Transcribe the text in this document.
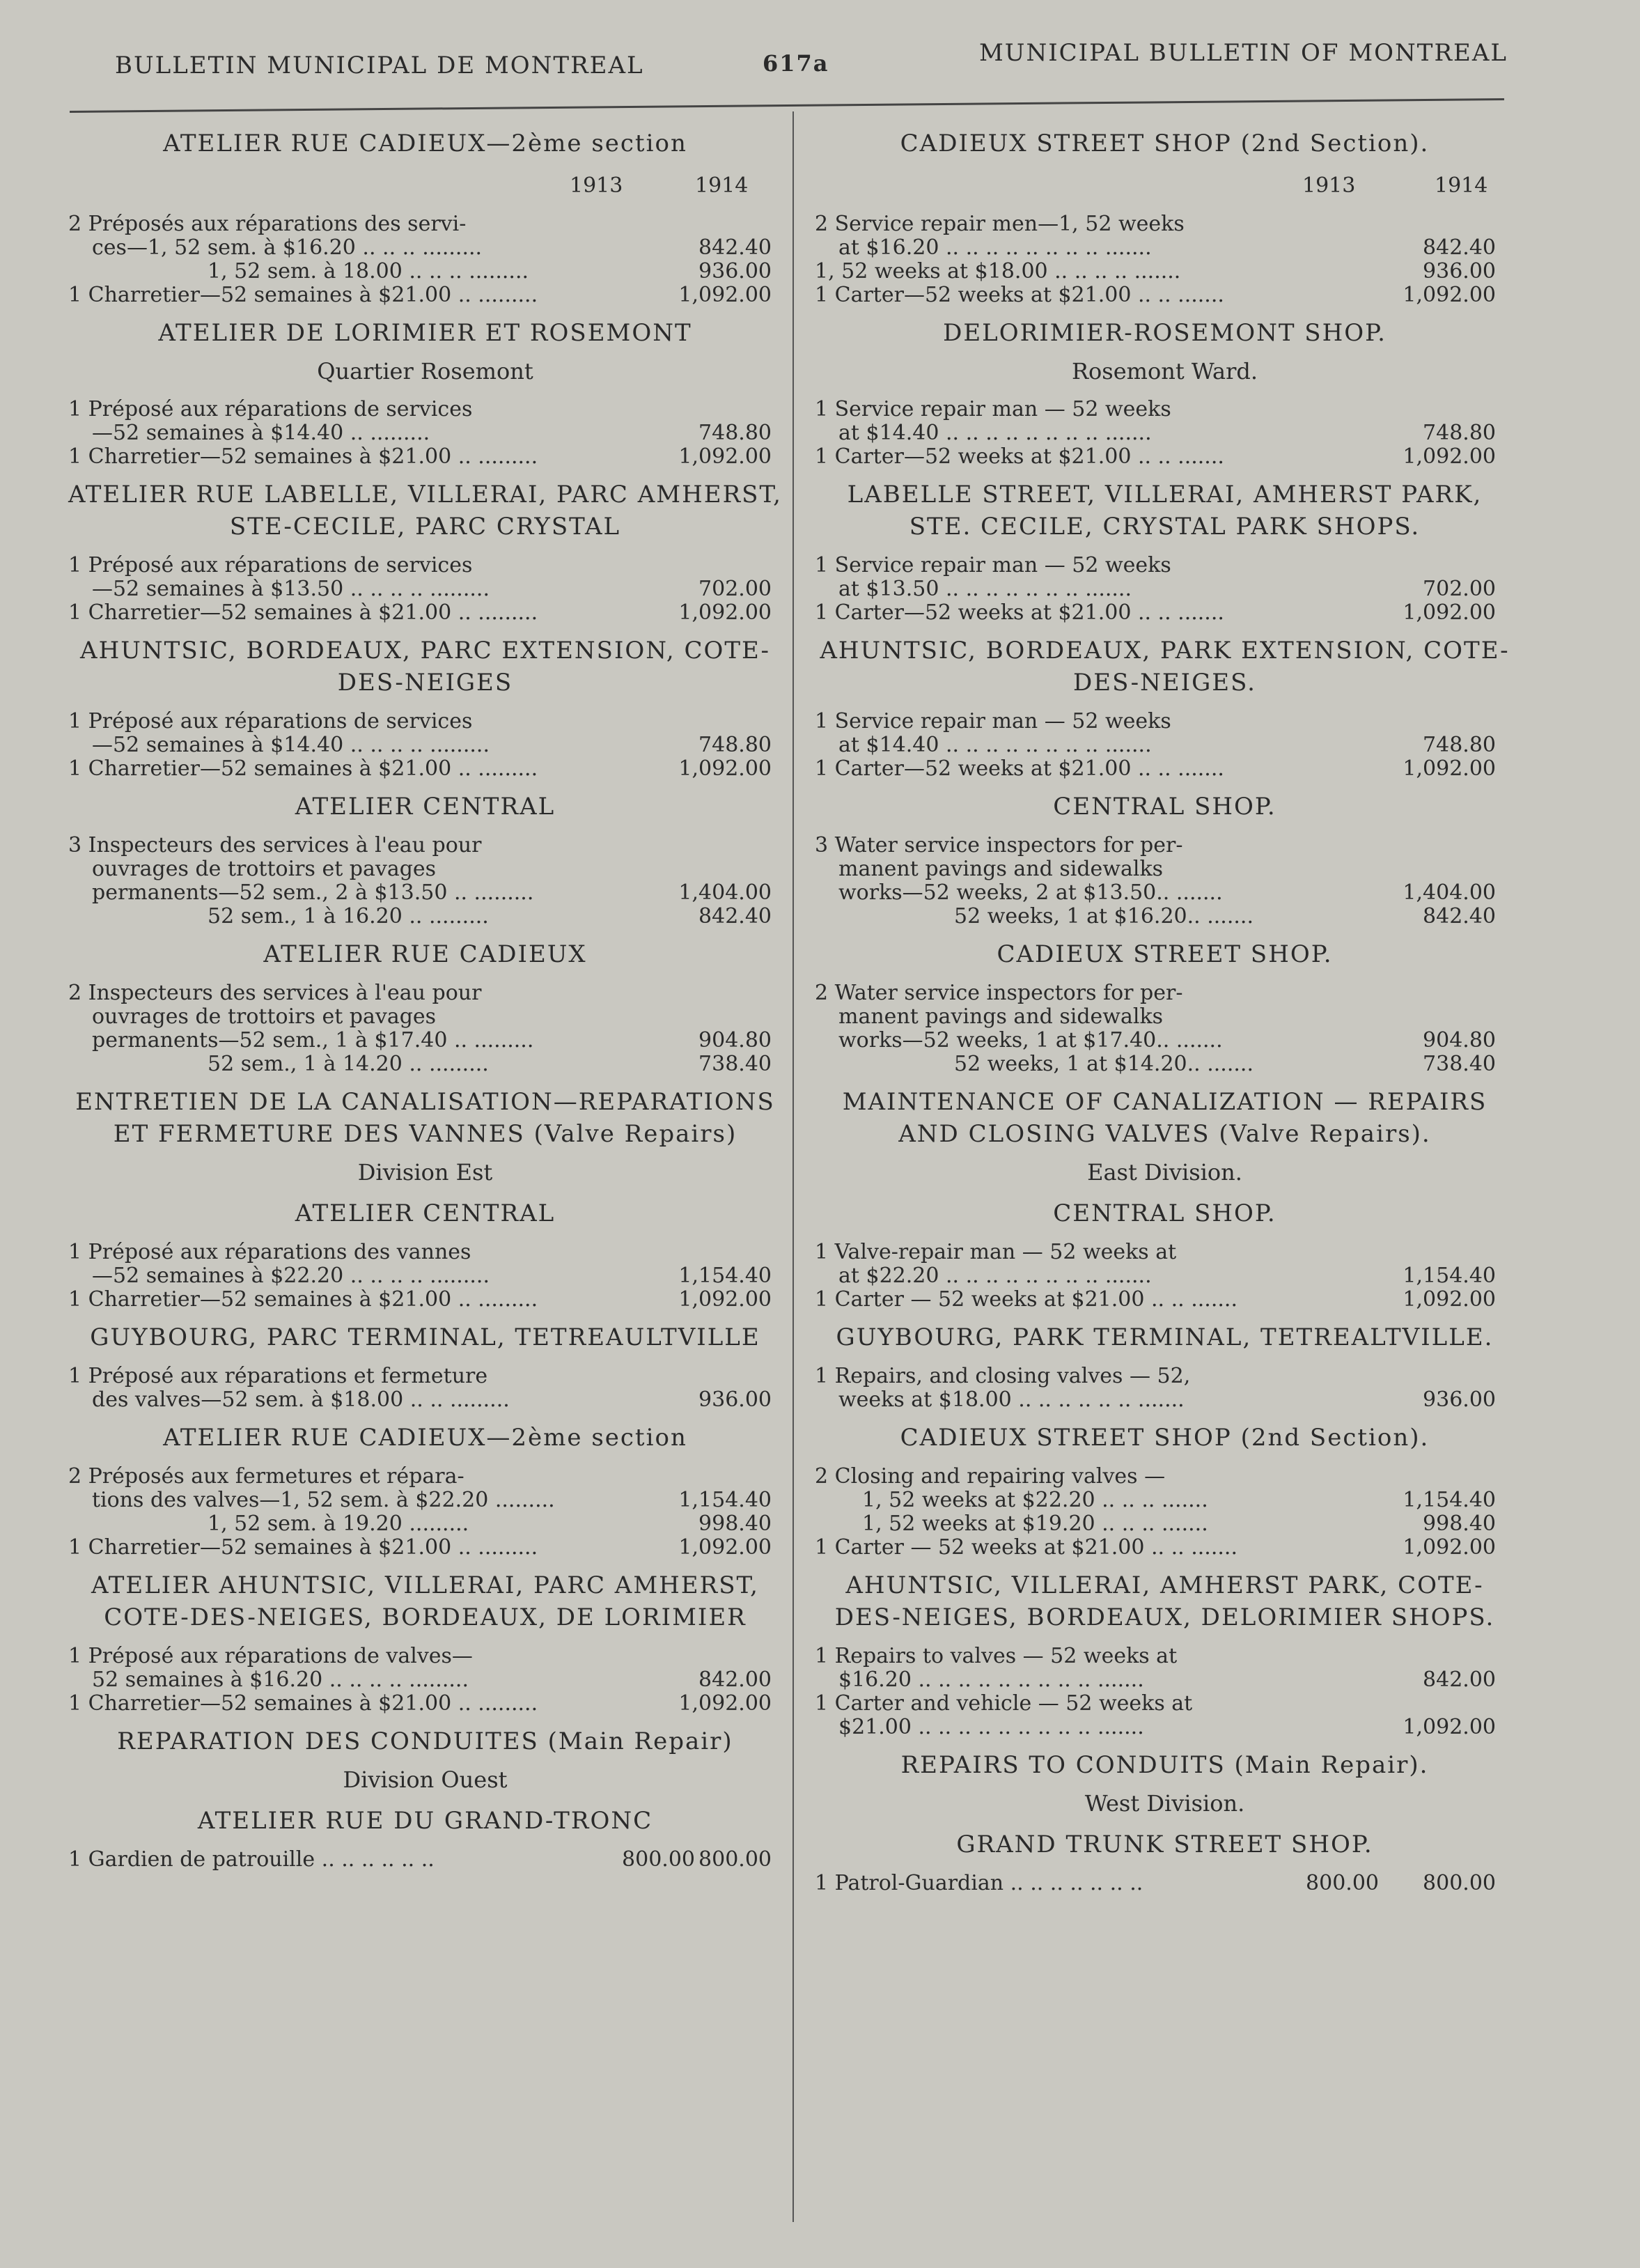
BULLETIN MUNICIPAL DE MONTREAL	617a	MUNICIPAL BULLETIN OF MONTREAL
ATELIER RUE CADIEUX—2ème section
1913	1914
2 Préposés aux réparations des servi-
ces—1, 52 sem. à $16.20 .. .. .. .........	842.40
1, 52 sem. à 18.00 .. .. .. .........	936.00
1 Charretier—52 semaines à $21.00 .. .........	1,092.00
ATELIER DE LORIMIER ET ROSEMONT
Quartier Rosemont
1 Préposé aux réparations de services
—52 semaines à $14.40 .. .........	748.80
1 Charretier—52 semaines à $21.00 .. .........	1,092.00
ATELIER RUE LABELLE, VILLERAI, PARC AMHERST, STE-CECILE, PARC CRYSTAL
1 Préposé aux réparations de services
—52 semaines à $13.50 .. .. .. .. .........	702.00
1 Charretier—52 semaines à $21.00 .. .........	1,092.00
AHUNTSIC, BORDEAUX, PARC EXTENSION, COTE-DES-NEIGES
1 Préposé aux réparations de services
—52 semaines à $14.40 .. .. .. .. .........	748.80
1 Charretier—52 semaines à $21.00 .. .........	1,092.00
ATELIER CENTRAL
3 Inspecteurs des services à l'eau pour
ouvrages de trottoirs et pavages
permanents—52 sem., 2 à $13.50 .. .........	1,404.00
52 sem., 1 à 16.20 .. .........	842.40
ATELIER RUE CADIEUX
2 Inspecteurs des services à l'eau pour
ouvrages de trottoirs et pavages
permanents—52 sem., 1 à $17.40 .. .........	904.80
52 sem., 1 à 14.20 .. .........	738.40
ENTRETIEN DE LA CANALISATION—REPARATIONS ET FERMETURE DES VANNES (Valve Repairs)
Division Est
ATELIER CENTRAL
1 Préposé aux réparations des vannes
—52 semaines à $22.20 .. .. .. .. .........	1,154.40
1 Charretier—52 semaines à $21.00 .. .........	1,092.00
GUYBOURG, PARC TERMINAL, TETREAULTVILLE
1 Préposé aux réparations et fermeture
des valves—52 sem. à $18.00 .. .. .........	936.00
ATELIER RUE CADIEUX—2ème section
2 Préposés aux fermetures et répara-
tions des valves—1, 52 sem. à $22.20 .........	1,154.40
1, 52 sem. à 19.20 .........	998.40
1 Charretier—52 semaines à $21.00 .. .........	1,092.00
ATELIER AHUNTSIC, VILLERAI, PARC AMHERST, COTE-DES-NEIGES, BORDEAUX, DE LORIMIER
1 Préposé aux réparations de valves—
52 semaines à $16.20 .. .. .. .. .........	842.00
1 Charretier—52 semaines à $21.00 .. .........	1,092.00
REPARATION DES CONDUITES (Main Repair)
Division Ouest
ATELIER RUE DU GRAND-TRONC
1 Gardien de patrouille .. .. .. .. .. ..	800.00 800.00
CADIEUX STREET SHOP (2nd Section).
1913	1914
2 Service repair men—1, 52 weeks
at $16.20 .. .. .. .. .. .. .. .. .......	842.40
1, 52 weeks at $18.00 .. .. .. .. .......	936.00
1 Carter—52 weeks at $21.00 .. .. .......	1,092.00
DELORIMIER-ROSEMONT SHOP.
Rosemont Ward.
1 Service repair man — 52 weeks
at $14.40 .. .. .. .. .. .. .. .. .......	748.80
1 Carter—52 weeks at $21.00 .. .. .......	1,092.00
LABELLE STREET, VILLERAI, AMHERST PARK, STE. CECILE, CRYSTAL PARK SHOPS.
1 Service repair man — 52 weeks
at $13.50 .. .. .. .. .. .. .. .......	702.00
1 Carter—52 weeks at $21.00 .. .. .......	1,092.00
AHUNTSIC, BORDEAUX, PARK EXTENSION, COTE-DES-NEIGES.
1 Service repair man — 52 weeks
at $14.40 .. .. .. .. .. .. .. .. .......	748.80
1 Carter—52 weeks at $21.00 .. .. .......	1,092.00
CENTRAL SHOP.
3 Water service inspectors for per-
manent pavings and sidewalks
works—52 weeks, 2 at $13.50.. .......	1,404.00
52 weeks, 1 at $16.20.. .......	842.40
CADIEUX STREET SHOP.
2 Water service inspectors for per-
manent pavings and sidewalks
works—52 weeks, 1 at $17.40.. .......	904.80
52 weeks, 1 at $14.20.. .......	738.40
MAINTENANCE OF CANALIZATION — REPAIRS AND CLOSING VALVES (Valve Repairs).
East Division.
CENTRAL SHOP.
1 Valve-repair man — 52 weeks at
at $22.20 .. .. .. .. .. .. .. .. .......	1,154.40
1 Carter — 52 weeks at $21.00 .. .. .......	1,092.00
GUYBOURG, PARK TERMINAL, TETREALTVILLE.
1 Repairs, and closing valves — 52,
weeks at $18.00 .. .. .. .. .. .. .......	936.00
CADIEUX STREET SHOP (2nd Section).
2 Closing and repairing valves —
1, 52 weeks at $22.20 .. .. .. .......	1,154.40
1, 52 weeks at $19.20 .. .. .. .......	998.40
1 Carter — 52 weeks at $21.00 .. .. .......	1,092.00
AHUNTSIC, VILLERAI, AMHERST PARK, COTE-DES-NEIGES, BORDEAUX, DELORIMIER SHOPS.
1 Repairs to valves — 52 weeks at
$16.20 .. .. .. .. .. .. .. .. .. .......	842.00
1 Carter and vehicle — 52 weeks at
$21.00 .. .. .. .. .. .. .. .. .. .......	1,092.00
REPAIRS TO CONDUITS (Main Repair).
West Division.
GRAND TRUNK STREET SHOP.
1 Patrol-Guardian .. .. .. .. .. .. ..	800.00	800.00
